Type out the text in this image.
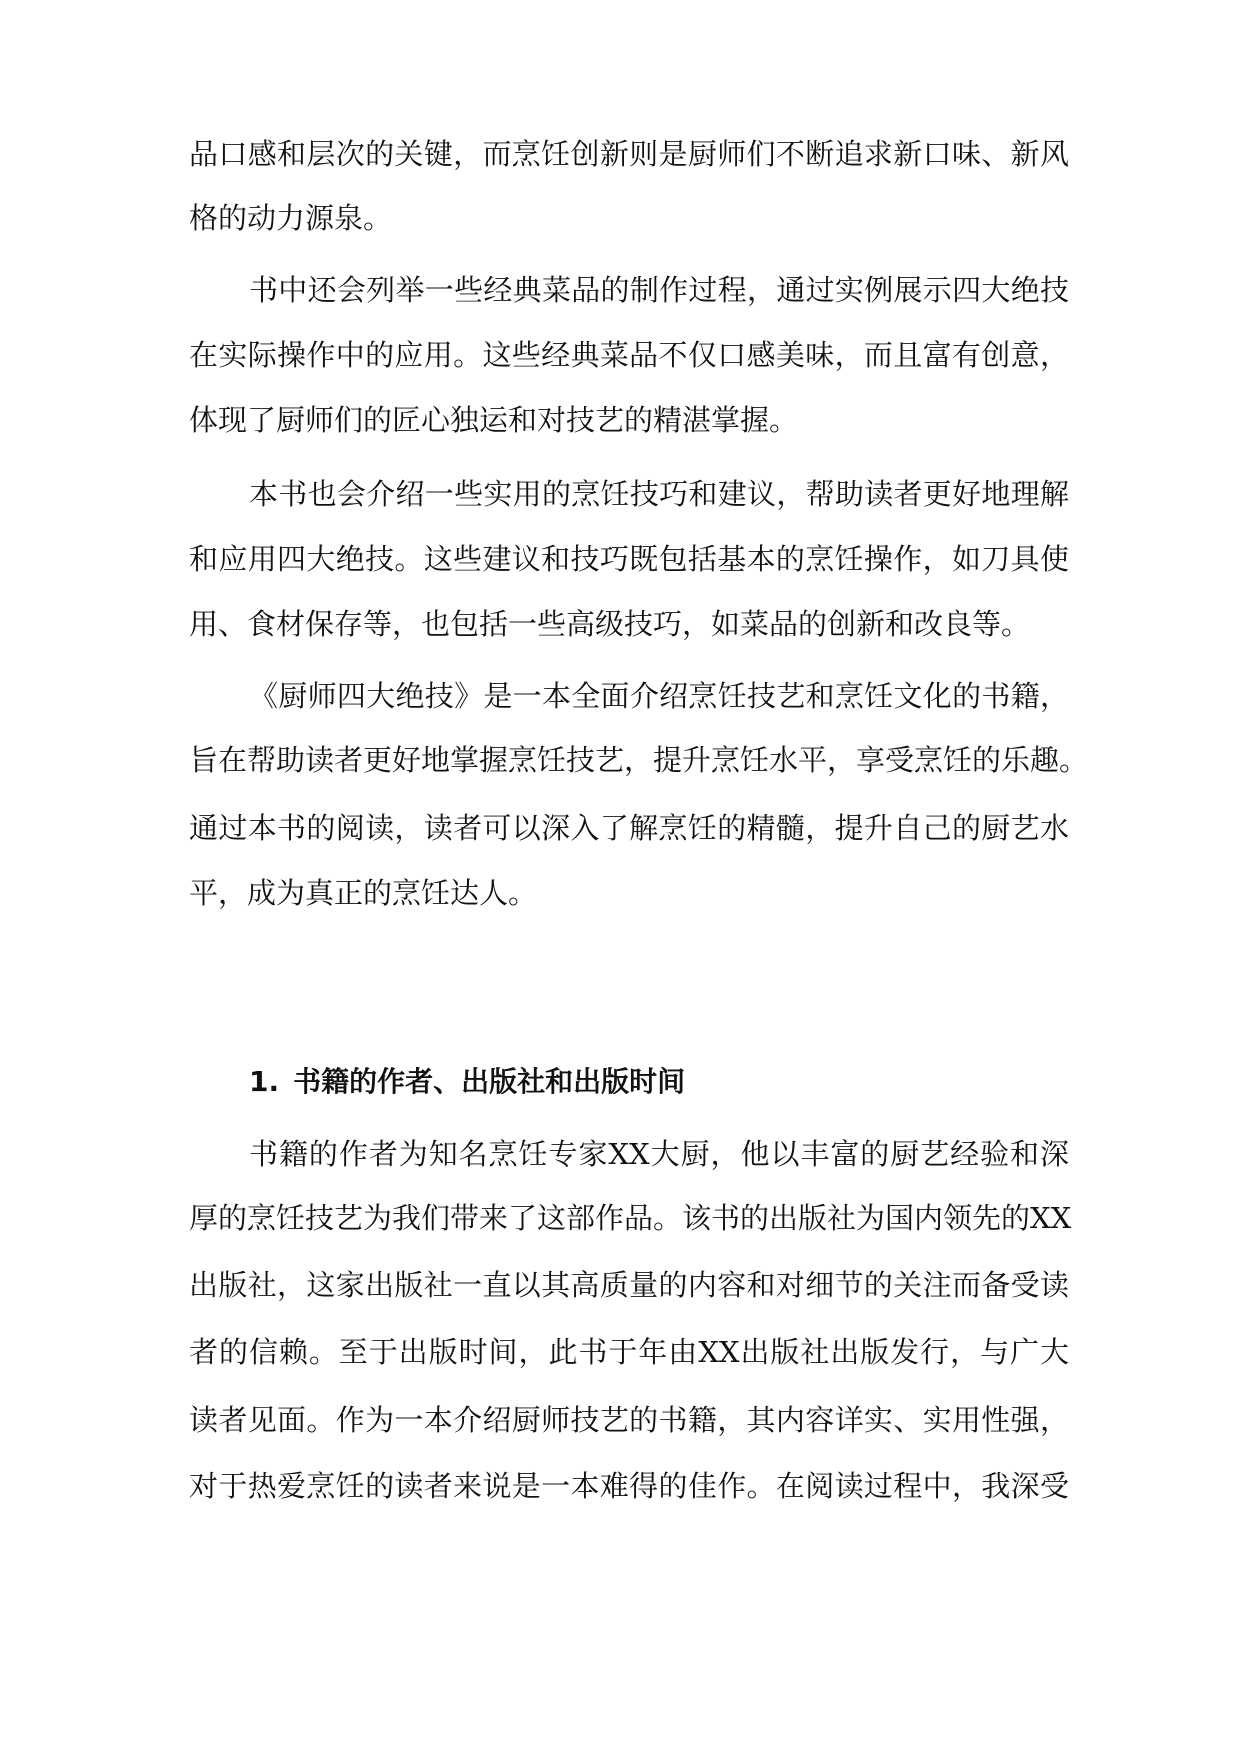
品口感和层次的关键，而烹饪创新则是厨师们不断追求新口味、新风
格的动力源泉。
书中还会列举一些经典菜品的制作过程，通过实例展示四大绝技
在实际操作中的应用。这些经典菜品不仅口感美味，而且富有创意，
体现了厨师们的匠心独运和对技艺的精湛掌握。
本书也会介绍一些实用的烹饪技巧和建议，帮助读者更好地理解
和应用四大绝技。这些建议和技巧既包括基本的烹饪操作，如刀具使
用、食材保存等，也包括一些高级技巧，如菜品的创新和改良等。
《厨师四大绝技》是一本全面介绍烹饪技艺和烹饪文化的书籍，
旨在帮助读者更好地掌握烹饪技艺，提升烹饪水平，享受烹饪的乐趣。
通过本书的阅读，读者可以深入了解烹饪的精髓，提升自己的厨艺水
平，成为真正的烹饪达人。
1. 书籍的作者、出版社和出版时间
书籍的作者为知名烹饪专家XX大厨，他以丰富的厨艺经验和深
厚的烹饪技艺为我们带来了这部作品。该书的出版社为国内领先的XX
出版社，这家出版社一直以其高质量的内容和对细节的关注而备受读
者的信赖。至于出版时间，此书于年由XX出版社出版发行，与广大
读者见面。作为一本介绍厨师技艺的书籍，其内容详实、实用性强，
对于热爱烹饪的读者来说是一本难得的佳作。在阅读过程中，我深受
